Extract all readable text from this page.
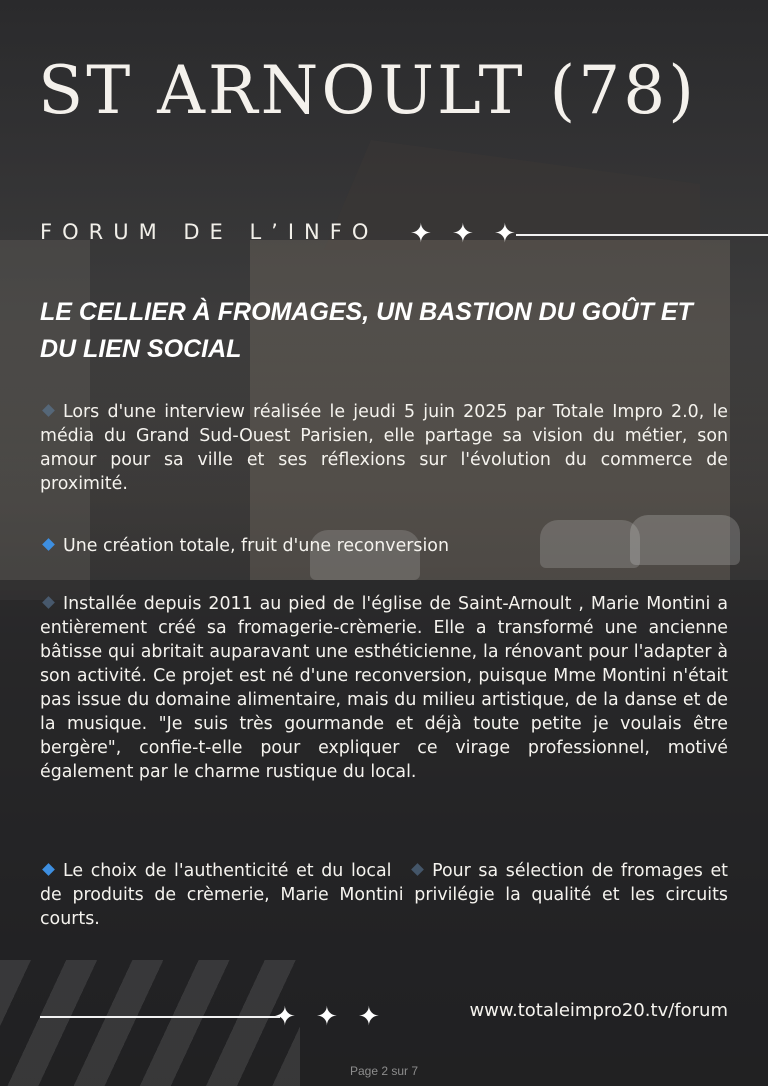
ST ARNOULT (78)
FORUM DE L’INFO ✦ ✦ ✦
LE CELLIER À FROMAGES, UN BASTION DU GOÛT ET DU LIEN SOCIAL

Lors d'une interview réalisée le jeudi 5 juin 2025 par Totale Impro 2.0, le média du Grand Sud-Ouest Parisien, elle partage sa vision du métier, son amour pour sa ville et ses réflexions sur l'évolution du commerce de proximité.

Une création totale, fruit d'une reconversion

Installée depuis 2011 au pied de l'église de Saint-Arnoult , Marie Montini a entièrement créé sa fromagerie-crèmerie. Elle a transformé une ancienne bâtisse qui abritait auparavant une esthéticienne, la rénovant pour l'adapter à son activité. Ce projet est né d'une reconversion, puisque Mme Montini n'était pas issue du domaine alimentaire, mais du milieu artistique, de la danse et de la musique. "Je suis très gourmande et déjà toute petite je voulais être bergère", confie-t-elle pour expliquer ce virage professionnel, motivé également par le charme rustique du local.

Le choix de l'authenticité et du local Pour sa sélection de fromages et de produits de crèmerie, Marie Montini privilégie la qualité et les circuits courts.

✦ ✦ ✦	www.totaleimpro20.tv/forum
Page 2 sur 7
